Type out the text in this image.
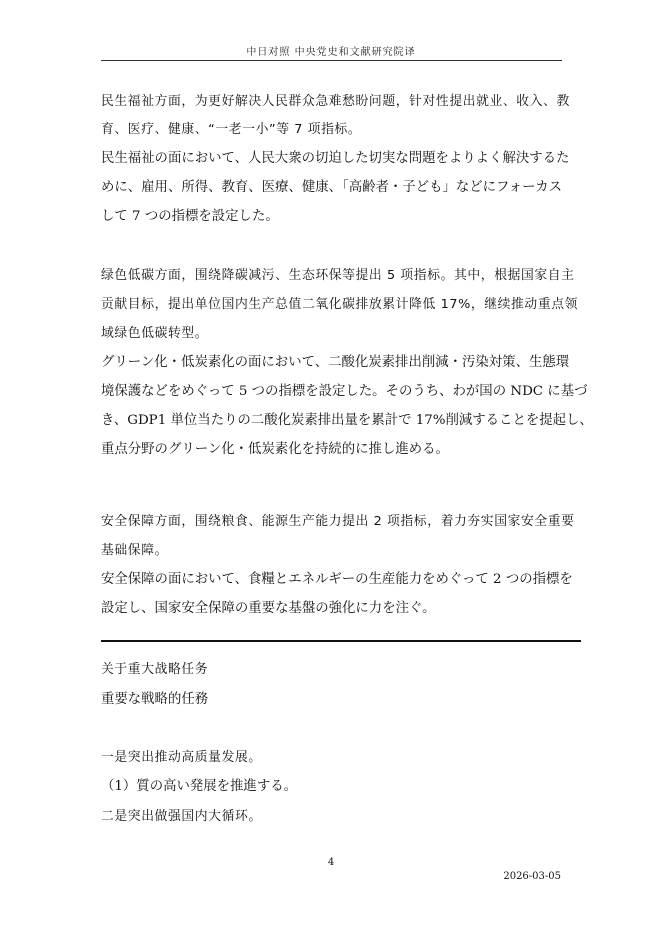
中日对照 中央党史和文献研究院译
民生福祉方面，为更好解决人民群众急难愁盼问题，针对性提出就业、收入、教
育、医疗、健康、“一老一小”等 7 项指标。
民生福祉の面において、人民大衆の切迫した切実な問題をよりよく解決するた
めに、雇用、所得、教育、医療、健康、「高齢者・子ども」などにフォーカス
して 7 つの指標を設定した。
绿色低碳方面，围绕降碳减污、生态环保等提出 5 项指标。其中，根据国家自主
贡献目标，提出单位国内生产总值二氧化碳排放累计降低 17%，继续推动重点领
域绿色低碳转型。
グリーン化・低炭素化の面において、二酸化炭素排出削減・汚染対策、生態環
境保護などをめぐって 5 つの指標を設定した。そのうち、わが国の NDC に基づ
き、GDP1 単位当たりの二酸化炭素排出量を累計で 17%削減することを提起し、
重点分野のグリーン化・低炭素化を持続的に推し進める。
安全保障方面，围绕粮食、能源生产能力提出 2 项指标，着力夯实国家安全重要
基础保障。
安全保障の面において、食糧とエネルギーの生産能力をめぐって 2 つの指標を
設定し、国家安全保障の重要な基盤の強化に力を注ぐ。
关于重大战略任务
重要な戦略的任務
一是突出推动高质量发展。
（1）質の高い発展を推進する。
二是突出做强国内大循环。
4
2026-03-05
